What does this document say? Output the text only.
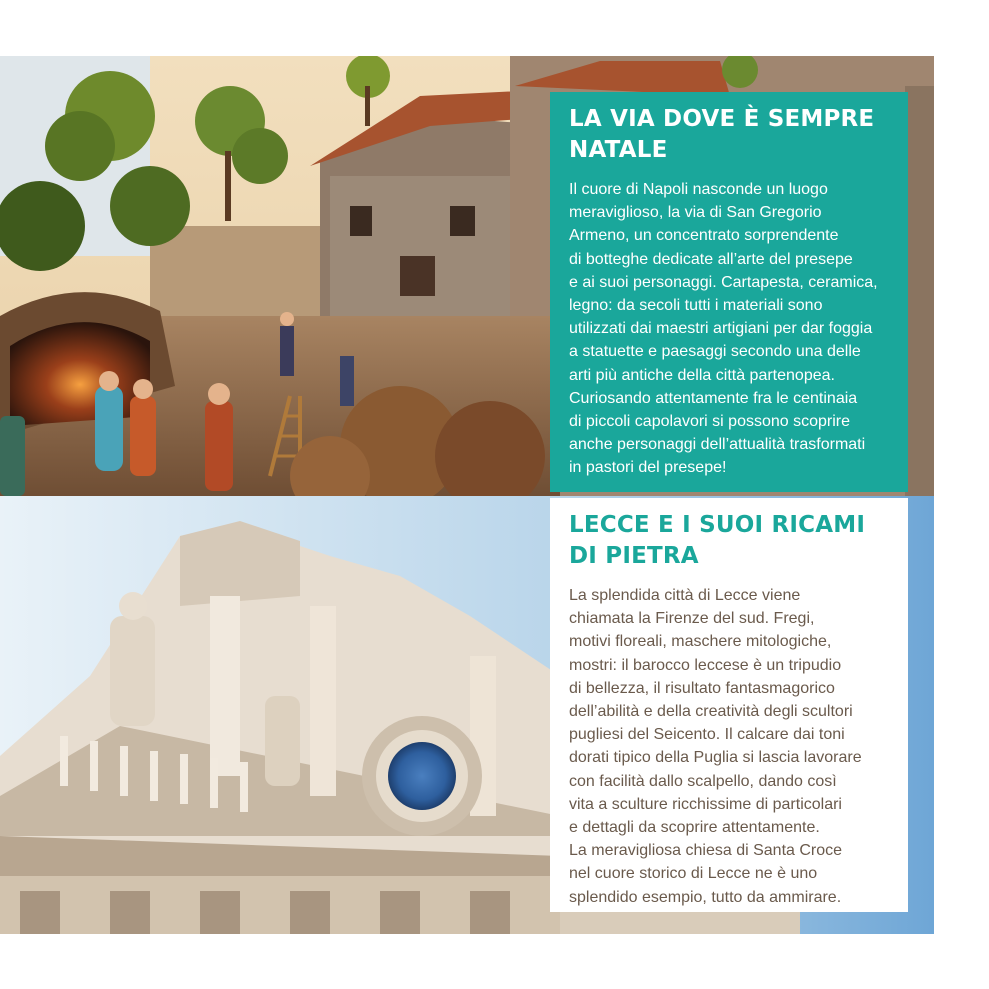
LA VIA DOVE È SEMPRE
NATALE

Il cuore di Napoli nasconde un luogo
meraviglioso, la via di San Gregorio
Armeno, un concentrato sorprendente
di botteghe dedicate all’arte del presepe
e ai suoi personaggi. Cartapesta, ceramica,
legno: da secoli tutti i materiali sono
utilizzati dai maestri artigiani per dar foggia
a statuette e paesaggi secondo una delle
arti più antiche della città partenopea.
Curiosando attentamente fra le centinaia
di piccoli capolavori si possono scoprire
anche personaggi dell’attualità trasformati
in pastori del presepe!

LECCE E I SUOI RICAMI
DI PIETRA

La splendida città di Lecce viene
chiamata la Firenze del sud. Fregi,
motivi floreali, maschere mitologiche,
mostri: il barocco leccese è un tripudio
di bellezza, il risultato fantasmagorico
dell’abilità e della creatività degli scultori
pugliesi del Seicento. Il calcare dai toni
dorati tipico della Puglia si lascia lavorare
con facilità dallo scalpello, dando così
vita a sculture ricchissime di particolari
e dettagli da scoprire attentamente.
La meravigliosa chiesa di Santa Croce
nel cuore storico di Lecce ne è uno
splendido esempio, tutto da ammirare.
